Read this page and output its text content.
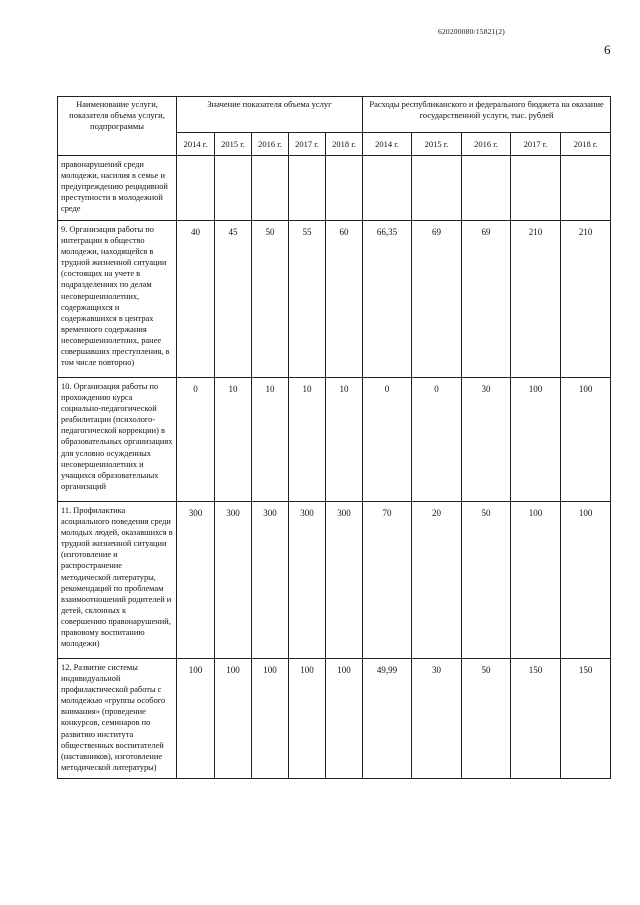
620200080/15821(2)
6
Наименование услуги, показателя объема услуги, подпрограммы	Значение показателя объема услуг					Расходы республиканского и федерального бюджета на оказание государственной услуги, тыс. рублей				
	2014 г.	2015 г.	2016 г.	2017 г.	2018 г.	2014 г.	2015 г.	2016 г.	2017 г.	2018 г.
правонарушений среди молодежи, насилия в семье и предупреждению рецидивной преступности в молодежной среде										
9. Организация работы по интеграции в общество молодежи, находящейся в трудной жизненной ситуации (состоящих на учете в подразделениях по делам несовершеннолетних, содержащихся и содержавшихся в центрах временного содержания несовершеннолетних, ранее совершавших преступления, в том числе повторно)	40	45	50	55	60	66,35	69	69	210	210
10. Организация работы по прохождению курса социально-педагогической реабилитации (психолого-педагогической коррекции) в образовательных организациях для условно осужденных несовершеннолетних и учащихся образовательных организаций	0	10	10	10	10	0	0	30	100	100
11. Профилактика асоциального поведения среди молодых людей, оказавшихся в трудной жизненной ситуации (изготовление и распространение методической литературы, рекомендаций по проблемам взаимоотношений родителей и детей, склонных к совершению правонарушений, правовому воспитанию молодежи)	300	300	300	300	300	70	20	50	100	100
12. Развитие системы индивидуальной профилактической работы с молодежью «группы особого внимания» (проведение конкурсов, семинаров по развитию института общественных воспитателей (наставников), изготовление методической литературы)	100	100	100	100	100	49,99	30	50	150	150
